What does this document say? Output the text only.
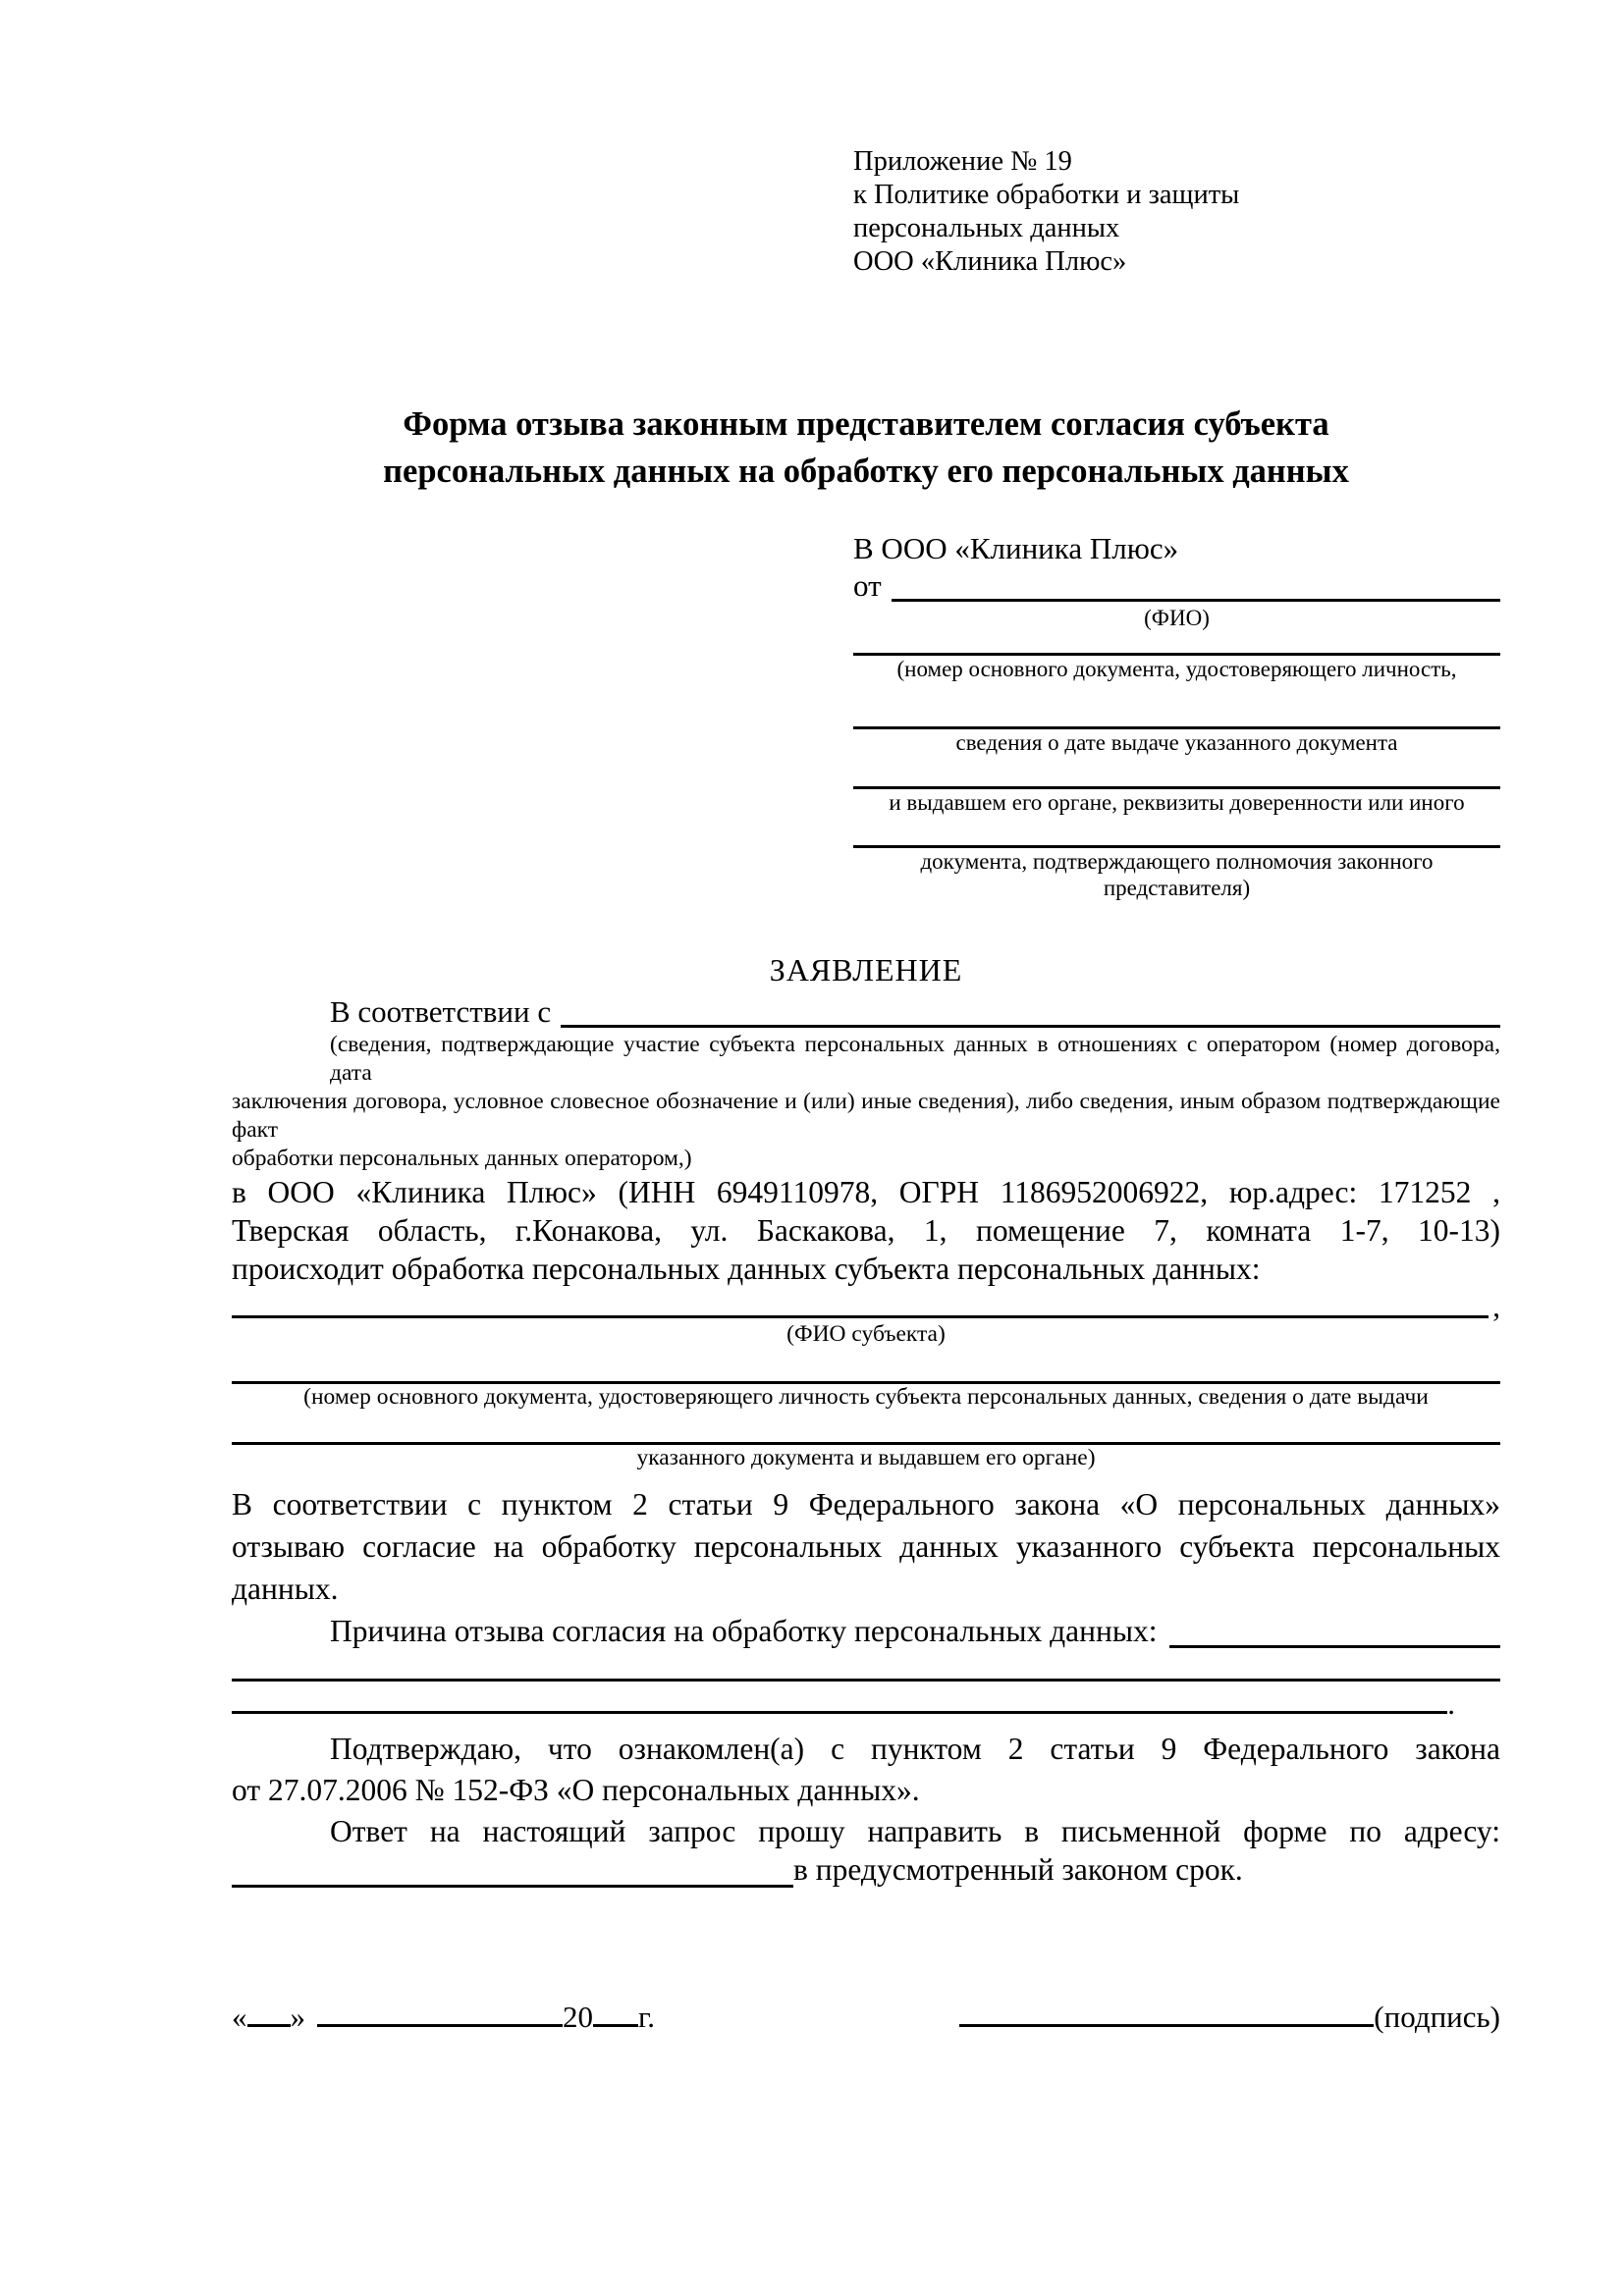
Приложение № 19
к Политике обработки и защиты
персональных данных
ООО «Клиника Плюс»
Форма отзыва законным представителем согласия субъекта
персональных данных на обработку его персональных данных
В ООО «Клиника Плюс»
от
(ФИО)
(номер основного документа, удостоверяющего личность,
сведения о дате выдаче указанного документа
и выдавшем его органе, реквизиты доверенности или иного
документа, подтверждающего полномочия законного представителя)
ЗАЯВЛЕНИЕ
В соответствии с
(сведения, подтверждающие участие субъекта персональных данных в отношениях с оператором (номер договора, дата
заключения договора, условное словесное обозначение и (или) иные сведения), либо сведения, иным образом подтверждающие факт
обработки персональных данных оператором,)
в ООО «Клиника Плюс» (ИНН 6949110978, ОГРН 1186952006922, юр.адрес: 171252 ,
Тверская область, г.Конакова, ул. Баскакова, 1, помещение 7, комната 1-7, 10-13)
происходит обработка персональных данных субъекта персональных данных:
,
(ФИО субъекта)
(номер основного документа, удостоверяющего личность субъекта персональных данных, сведения о дате выдачи
указанного документа и выдавшем его органе)
В соответствии с пунктом 2 статьи 9 Федерального закона «О персональных данных»
отзываю согласие на обработку персональных данных указанного субъекта персональных
данных.
Причина отзыва согласия на обработку персональных данных:
.
Подтверждаю, что ознакомлен(а) с пунктом 2 статьи 9 Федерального закона
от 27.07.2006 № 152-ФЗ «О персональных данных».
Ответ на настоящий запрос прошу направить в письменной форме по адресу:
в предусмотренный законом срок.
« »	20 г.	(подпись)
